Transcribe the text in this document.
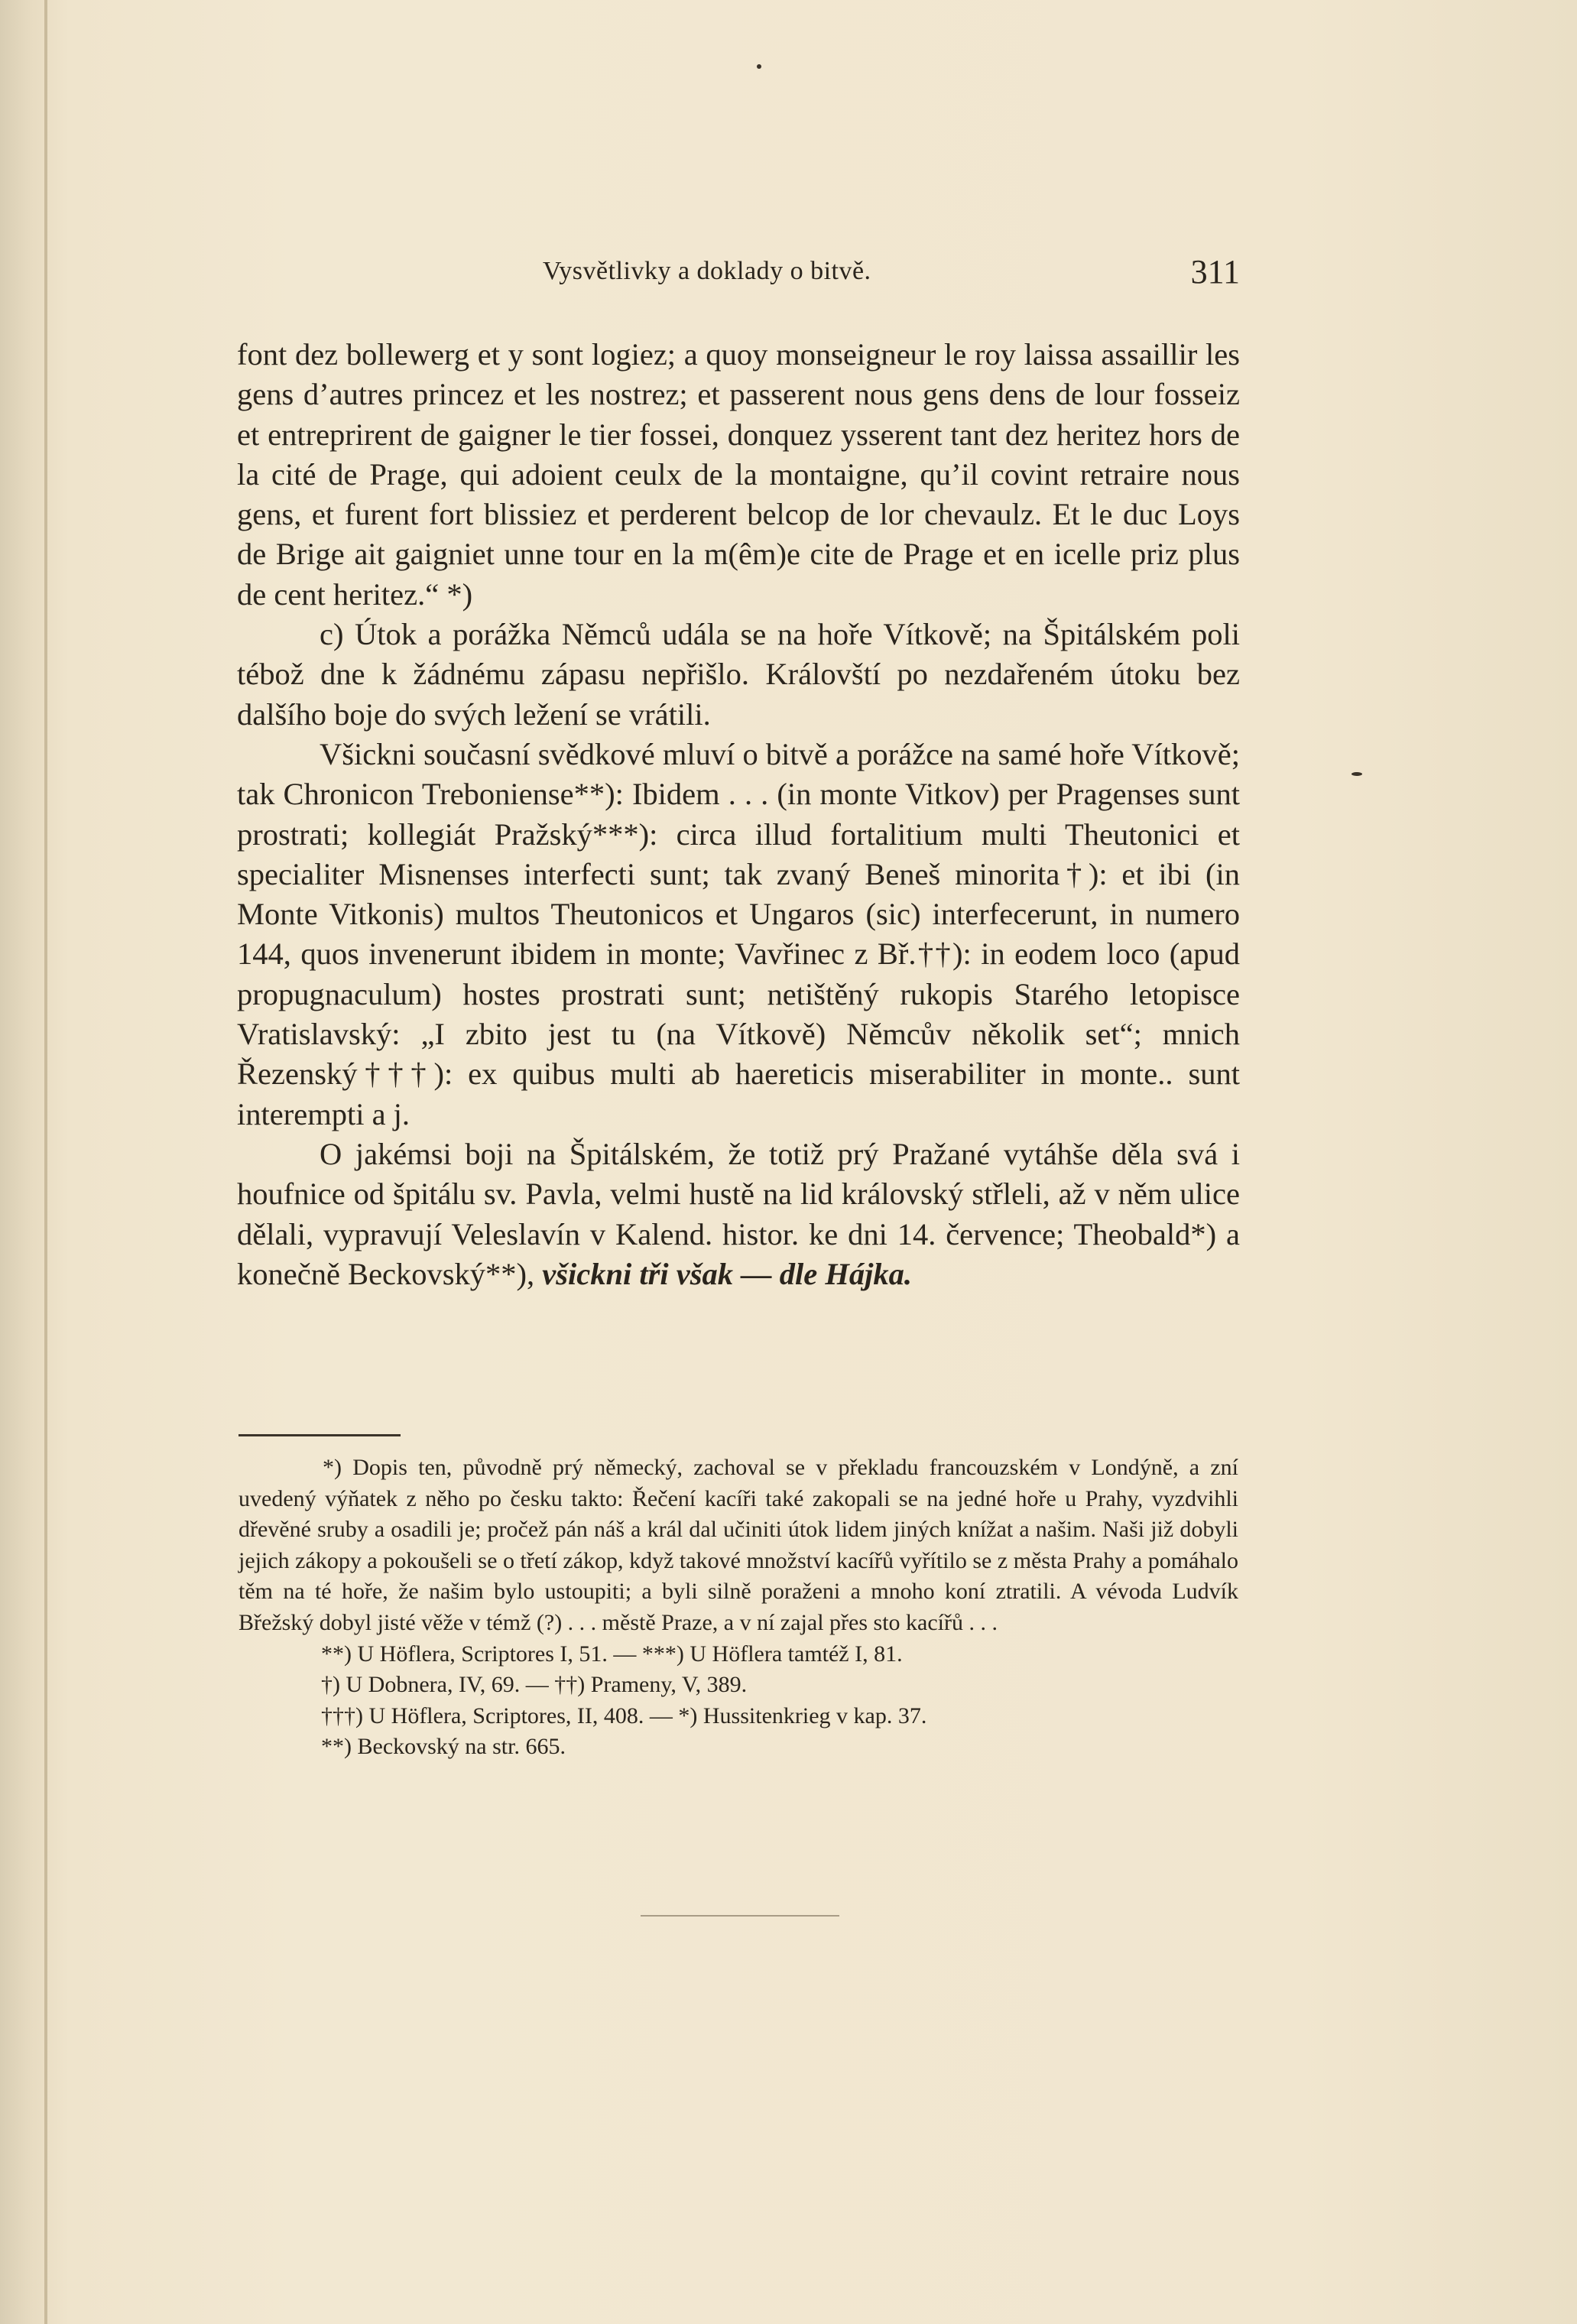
Vysvětlivky a doklady o bitvě.	311

font dez bollewerg et y sont logiez; a quoy monseigneur le roy laissa assaillir les gens d’autres princez et les nostrez; et passerent nous gens dens de lour fosseiz et entreprirent de gaigner le tier fossei, donquez ysserent tant dez heritez hors de la cité de Prage, qui adoient ceulx de la montaigne, qu’il covint retraire nous gens, et furent fort blissiez et perderent belcop de lor chevaulz. Et le duc Loys de Brige ait gaigniet unne tour en la m(êm)e cite de Prage et en icelle priz plus de cent heritez.“ *)

c) Útok a porážka Němců udála se na hoře Vítkově; na Špitálském poli tébož dne k žádnému zápasu nepřišlo. Královští po nezdařeném útoku bez dalšího boje do svých ležení se vrátili.

Všickni současní svědkové mluví o bitvě a porážce na samé hoře Vítkově; tak Chronicon Treboniense**): Ibidem . . . (in monte Vitkov) per Pragenses sunt prostrati; kollegiát Pražský***): circa illud fortalitium multi Theutonici et specialiter Misnenses interfecti sunt; tak zvaný Beneš minorita†): et ibi (in Monte Vitkonis) multos Theutonicos et Ungaros (sic) interfecerunt, in numero 144, quos invenerunt ibidem in monte; Vavřinec z Bř.††): in eodem loco (apud propugnaculum) hostes prostrati sunt; netištěný rukopis Starého letopisce Vratislavský: „I zbito jest tu (na Vítkově) Němcův několik set“; mnich Řezenský†††): ex quibus multi ab haereticis miserabiliter in monte.. sunt interempti a j.

O jakémsi boji na Špitálském, že totiž prý Pražané vytáhše děla svá i houfnice od špitálu sv. Pavla, velmi hustě na lid královský střleli, až v něm ulice dělali, vypravují Veleslavín v Kalend. histor. ke dni 14. července; Theobald*) a konečně Beckovský**), všickni tři však — dle Hájka.

*) Dopis ten, původně prý německý, zachoval se v překladu francouzském v Londýně, a zní uvedený výňatek z něho po česku takto: Řečení kacíři také zakopali se na jedné hoře u Prahy, vyzdvihli dřevěné sruby a osadili je; pročež pán náš a král dal učiniti útok lidem jiných knížat a našim. Naši již dobyli jejich zákopy a pokoušeli se o třetí zákop, když takové množství kacířů vyřítilo se z města Prahy a pomáhalo těm na té hoře, že našim bylo ustoupiti; a byli silně poraženi a mnoho koní ztratili. A vévoda Ludvík Břežský dobyl jisté věže v témž (?) . . . městě Praze, a v ní zajal přes sto kacířů . . .

**) U Höflera, Scriptores I, 51. — ***) U Höflera tamtéž I, 81.

†) U Dobnera, IV, 69. — ††) Prameny, V, 389.

†††) U Höflera, Scriptores, II, 408. — *) Hussitenkrieg v kap. 37.

**) Beckovský na str. 665.
